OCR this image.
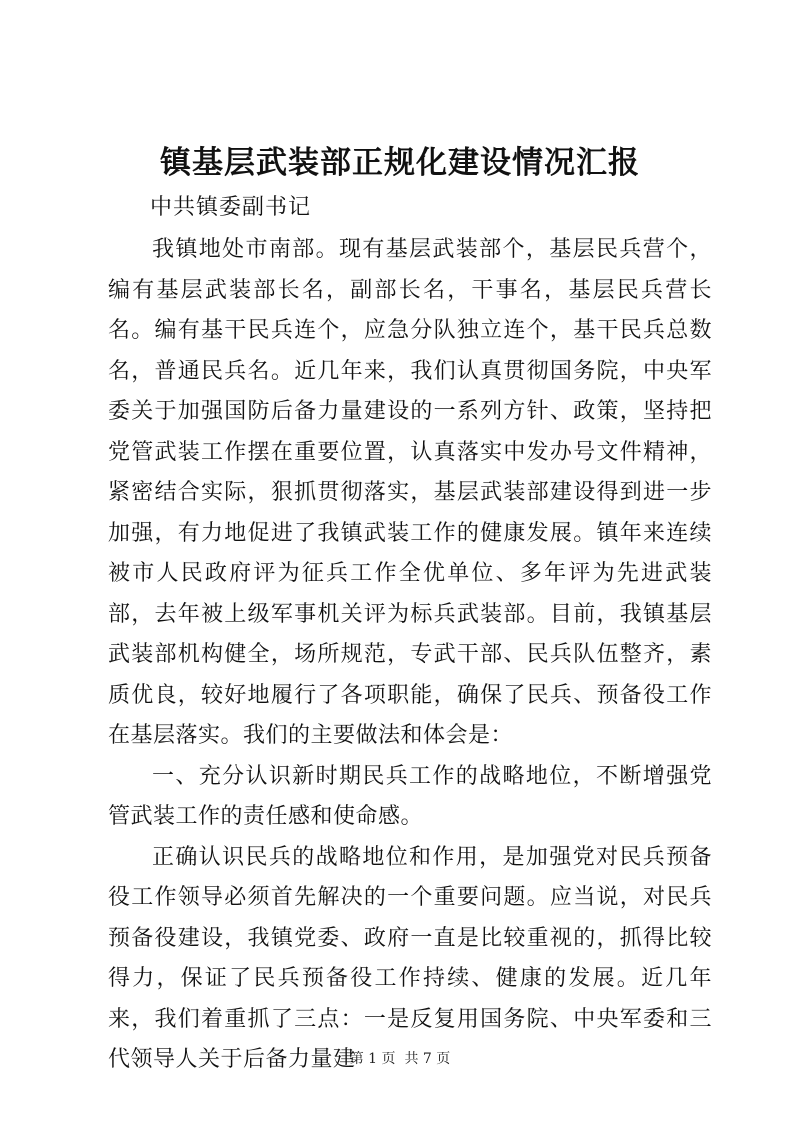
镇基层武装部正规化建设情况汇报
中共镇委副书记

我镇地处市南部。现有基层武装部个，基层民兵营个，编有基层武装部长名，副部长名，干事名，基层民兵营长名。编有基干民兵连个，应急分队独立连个，基干民兵总数名，普通民兵名。近几年来，我们认真贯彻国务院，中央军委关于加强国防后备力量建设的一系列方针、政策，坚持把党管武装工作摆在重要位置，认真落实中发办号文件精神，紧密结合实际，狠抓贯彻落实，基层武装部建设得到进一步加强，有力地促进了我镇武装工作的健康发展。镇年来连续被市人民政府评为征兵工作全优单位、多年评为先进武装部，去年被上级军事机关评为标兵武装部。目前，我镇基层武装部机构健全，场所规范，专武干部、民兵队伍整齐，素质优良，较好地履行了各项职能，确保了民兵、预备役工作在基层落实。我们的主要做法和体会是：

一、充分认识新时期民兵工作的战略地位，不断增强党管武装工作的责任感和使命感。

正确认识民兵的战略地位和作用，是加强党对民兵预备役工作领导必须首先解决的一个重要问题。应当说，对民兵预备役建设，我镇党委、政府一直是比较重视的，抓得比较得力，保证了民兵预备役工作持续、健康的发展。近几年来，我们着重抓了三点：一是反复用国务院、中央军委和三代领导人关于后备力量建

第 1 页  共 7 页
